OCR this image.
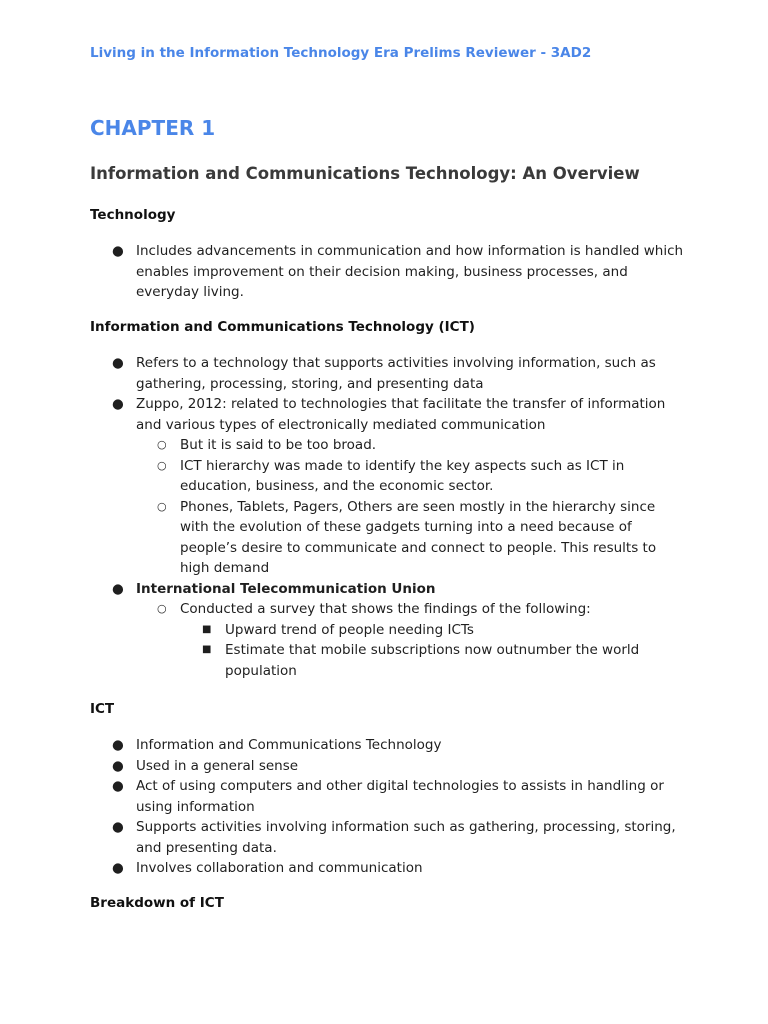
Living in the Information Technology Era Prelims Reviewer - 3AD2
CHAPTER 1
Information and Communications Technology: An Overview

Technology

● Includes advancements in communication and how information is handled which enables improvement on their decision making, business processes, and everyday living.

Information and Communications Technology (ICT)

● Refers to a technology that supports activities involving information, such as gathering, processing, storing, and presenting data
● Zuppo, 2012: related to technologies that facilitate the transfer of information and various types of electronically mediated communication
○ But it is said to be too broad.
○ ICT hierarchy was made to identify the key aspects such as ICT in education, business, and the economic sector.
○ Phones, Tablets, Pagers, Others are seen mostly in the hierarchy since with the evolution of these gadgets turning into a need because of people’s desire to communicate and connect to people. This results to high demand
● International Telecommunication Union
○ Conducted a survey that shows the findings of the following:
■ Upward trend of people needing ICTs
■ Estimate that mobile subscriptions now outnumber the world population

ICT

● Information and Communications Technology
● Used in a general sense
● Act of using computers and other digital technologies to assists in handling or using information
● Supports activities involving information such as gathering, processing, storing, and presenting data.
● Involves collaboration and communication

Breakdown of ICT
